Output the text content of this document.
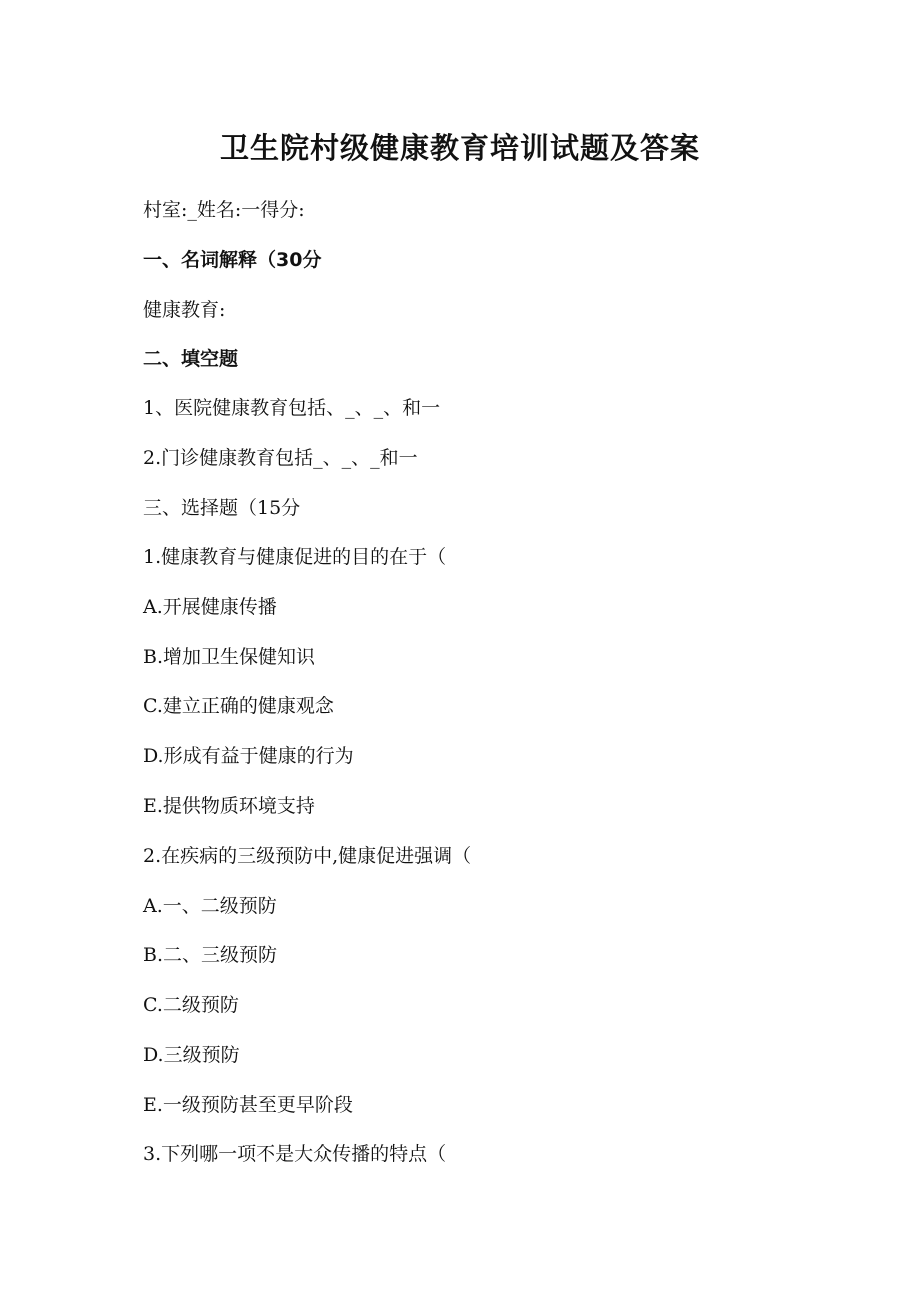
卫生院村级健康教育培训试题及答案

村室:_姓名:一得分:

一、名词解释（30分

健康教育:

二、填空题

1、医院健康教育包括、_、_、和一

2.门诊健康教育包括_、_、_和一

三、选择题（15分

1.健康教育与健康促进的目的在于（

A.开展健康传播

B.增加卫生保健知识

C.建立正确的健康观念

D.形成有益于健康的行为

E.提供物质环境支持

2.在疾病的三级预防中,健康促进强调（

A.一、二级预防

B.二、三级预防

C.二级预防

D.三级预防

E.一级预防甚至更早阶段

3.下列哪一项不是大众传播的特点（
